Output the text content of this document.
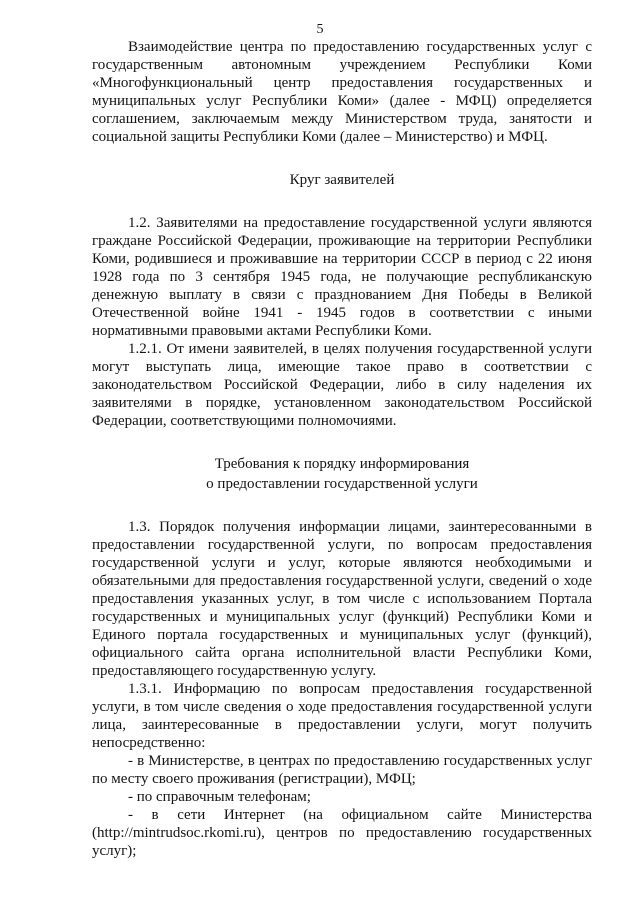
5

Взаимодействие центра по предоставлению государственных услуг с государственным автономным учреждением Республики Коми «Многофункциональный центр предоставления государственных и муниципальных услуг Республики Коми» (далее - МФЦ) определяется соглашением, заключаемым между Министерством труда, занятости и социальной защиты Республики Коми (далее – Министерство) и МФЦ.

Круг заявителей

1.2. Заявителями на предоставление государственной услуги являются граждане Российской Федерации, проживающие на территории Республики Коми, родившиеся и проживавшие на территории СССР в период с 22 июня 1928 года по 3 сентября 1945 года, не получающие республиканскую денежную выплату в связи с празднованием Дня Победы в Великой Отечественной войне 1941 - 1945 годов в соответствии с иными нормативными правовыми актами Республики Коми.

1.2.1. От имени заявителей, в целях получения государственной услуги могут выступать лица, имеющие такое право в соответствии с законодательством Российской Федерации, либо в силу наделения их заявителями в порядке, установленном законодательством Российской Федерации, соответствующими полномочиями.

Требования к порядку информирования
о предоставлении государственной услуги

1.3. Порядок получения информации лицами, заинтересованными в предоставлении государственной услуги, по вопросам предоставления государственной услуги и услуг, которые являются необходимыми и обязательными для предоставления государственной услуги, сведений о ходе предоставления указанных услуг, в том числе с использованием Портала государственных и муниципальных услуг (функций) Республики Коми и Единого портала государственных и муниципальных услуг (функций), официального сайта органа исполнительной власти Республики Коми, предоставляющего государственную услугу.

1.3.1. Информацию по вопросам предоставления государственной услуги, в том числе сведения о ходе предоставления государственной услуги лица, заинтересованные в предоставлении услуги, могут получить непосредственно:

- в Министерстве, в центрах по предоставлению государственных услуг по месту своего проживания (регистрации), МФЦ;

- по справочным телефонам;

- в сети Интернет (на официальном сайте Министерства (http://mintrudsoc.rkomi.ru), центров по предоставлению государственных услуг);
